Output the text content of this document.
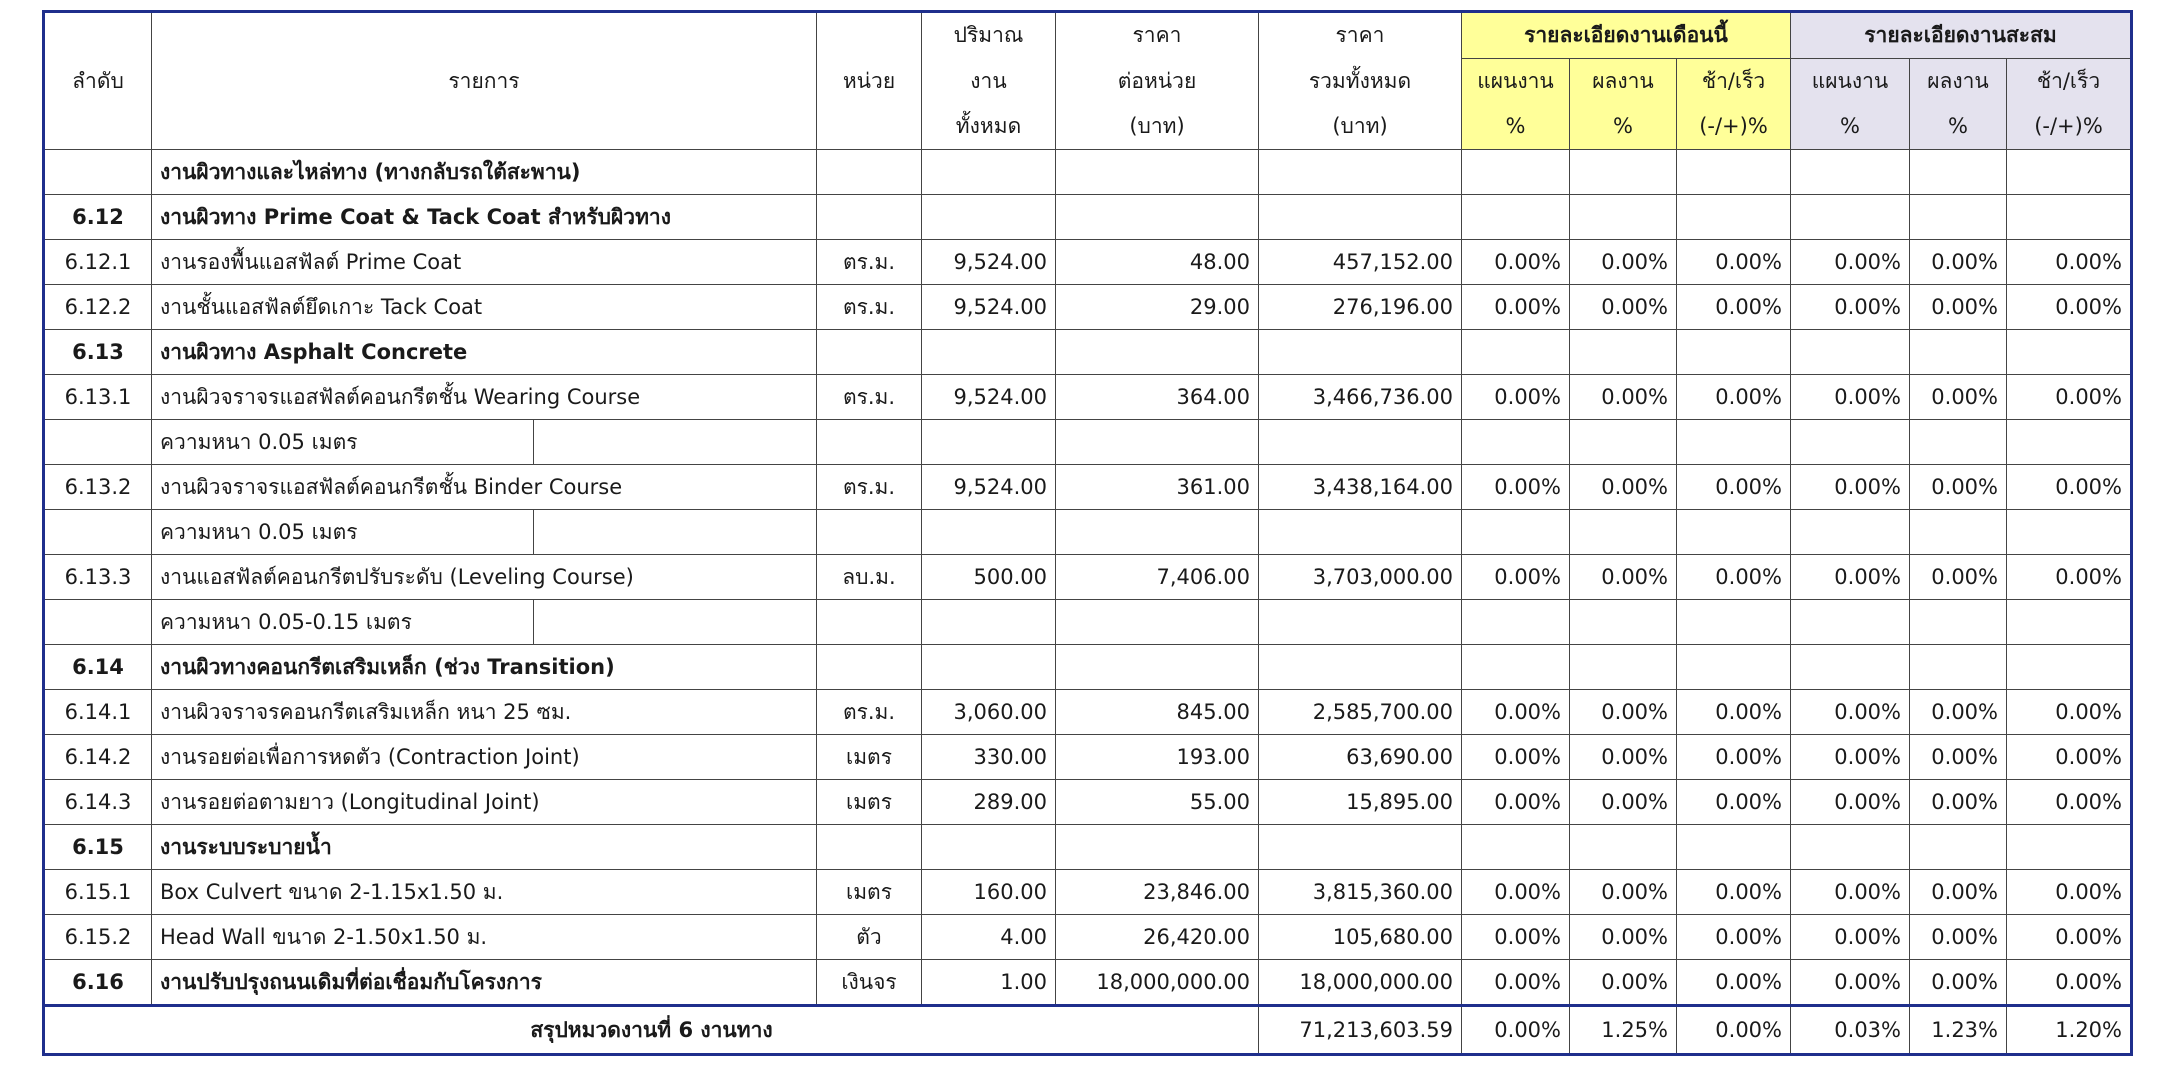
ลำดับ	รายการ		หน่วย	ปริมาณ	ราคา	ราคา	รายละเอียดงานเดือนนี้			รายละเอียดงานสะสม		
				งาน	ต่อหน่วย	รวมทั้งหมด	แผนงาน	ผลงาน	ช้า/เร็ว	แผนงาน	ผลงาน	ช้า/เร็ว
				ทั้งหมด	(บาท)	(บาท)	%	%	(-/+)%	%	%	(-/+)%
	งานผิวทางและไหล่ทาง (ทางกลับรถใต้สะพาน)											
6.12	งานผิวทาง Prime Coat & Tack Coat สำหรับผิวทาง											
6.12.1	งานรองพื้นแอสฟัลต์ Prime Coat		ตร.ม.	9,524.00	48.00	457,152.00	0.00%	0.00%	0.00%	0.00%	0.00%	0.00%
6.12.2	งานชั้นแอสฟัลต์ยึดเกาะ Tack Coat		ตร.ม.	9,524.00	29.00	276,196.00	0.00%	0.00%	0.00%	0.00%	0.00%	0.00%
6.13	งานผิวทาง Asphalt Concrete											
6.13.1	งานผิวจราจรแอสฟัลต์คอนกรีตชั้น Wearing Course		ตร.ม.	9,524.00	364.00	3,466,736.00	0.00%	0.00%	0.00%	0.00%	0.00%	0.00%
	ความหนา 0.05 เมตร											
6.13.2	งานผิวจราจรแอสฟัลต์คอนกรีตชั้น Binder Course		ตร.ม.	9,524.00	361.00	3,438,164.00	0.00%	0.00%	0.00%	0.00%	0.00%	0.00%
	ความหนา 0.05 เมตร											
6.13.3	งานแอสฟัลต์คอนกรีตปรับระดับ (Leveling Course)		ลบ.ม.	500.00	7,406.00	3,703,000.00	0.00%	0.00%	0.00%	0.00%	0.00%	0.00%
	ความหนา 0.05-0.15 เมตร											
6.14	งานผิวทางคอนกรีตเสริมเหล็ก (ช่วง Transition)											
6.14.1	งานผิวจราจรคอนกรีตเสริมเหล็ก หนา 25 ซม.		ตร.ม.	3,060.00	845.00	2,585,700.00	0.00%	0.00%	0.00%	0.00%	0.00%	0.00%
6.14.2	งานรอยต่อเพื่อการหดตัว (Contraction Joint)		เมตร	330.00	193.00	63,690.00	0.00%	0.00%	0.00%	0.00%	0.00%	0.00%
6.14.3	งานรอยต่อตามยาว (Longitudinal Joint)		เมตร	289.00	55.00	15,895.00	0.00%	0.00%	0.00%	0.00%	0.00%	0.00%
6.15	งานระบบระบายน้ำ											
6.15.1	Box Culvert ขนาด 2-1.15x1.50 ม.		เมตร	160.00	23,846.00	3,815,360.00	0.00%	0.00%	0.00%	0.00%	0.00%	0.00%
6.15.2	Head Wall ขนาด 2-1.50x1.50 ม.		ตัว	4.00	26,420.00	105,680.00	0.00%	0.00%	0.00%	0.00%	0.00%	0.00%
6.16	งานปรับปรุงถนนเดิมที่ต่อเชื่อมกับโครงการ		เงินจร	1.00	18,000,000.00	18,000,000.00	0.00%	0.00%	0.00%	0.00%	0.00%	0.00%
สรุปหมวดงานที่ 6 งานทาง						71,213,603.59	0.00%	1.25%	0.00%	0.03%	1.23%	1.20%
